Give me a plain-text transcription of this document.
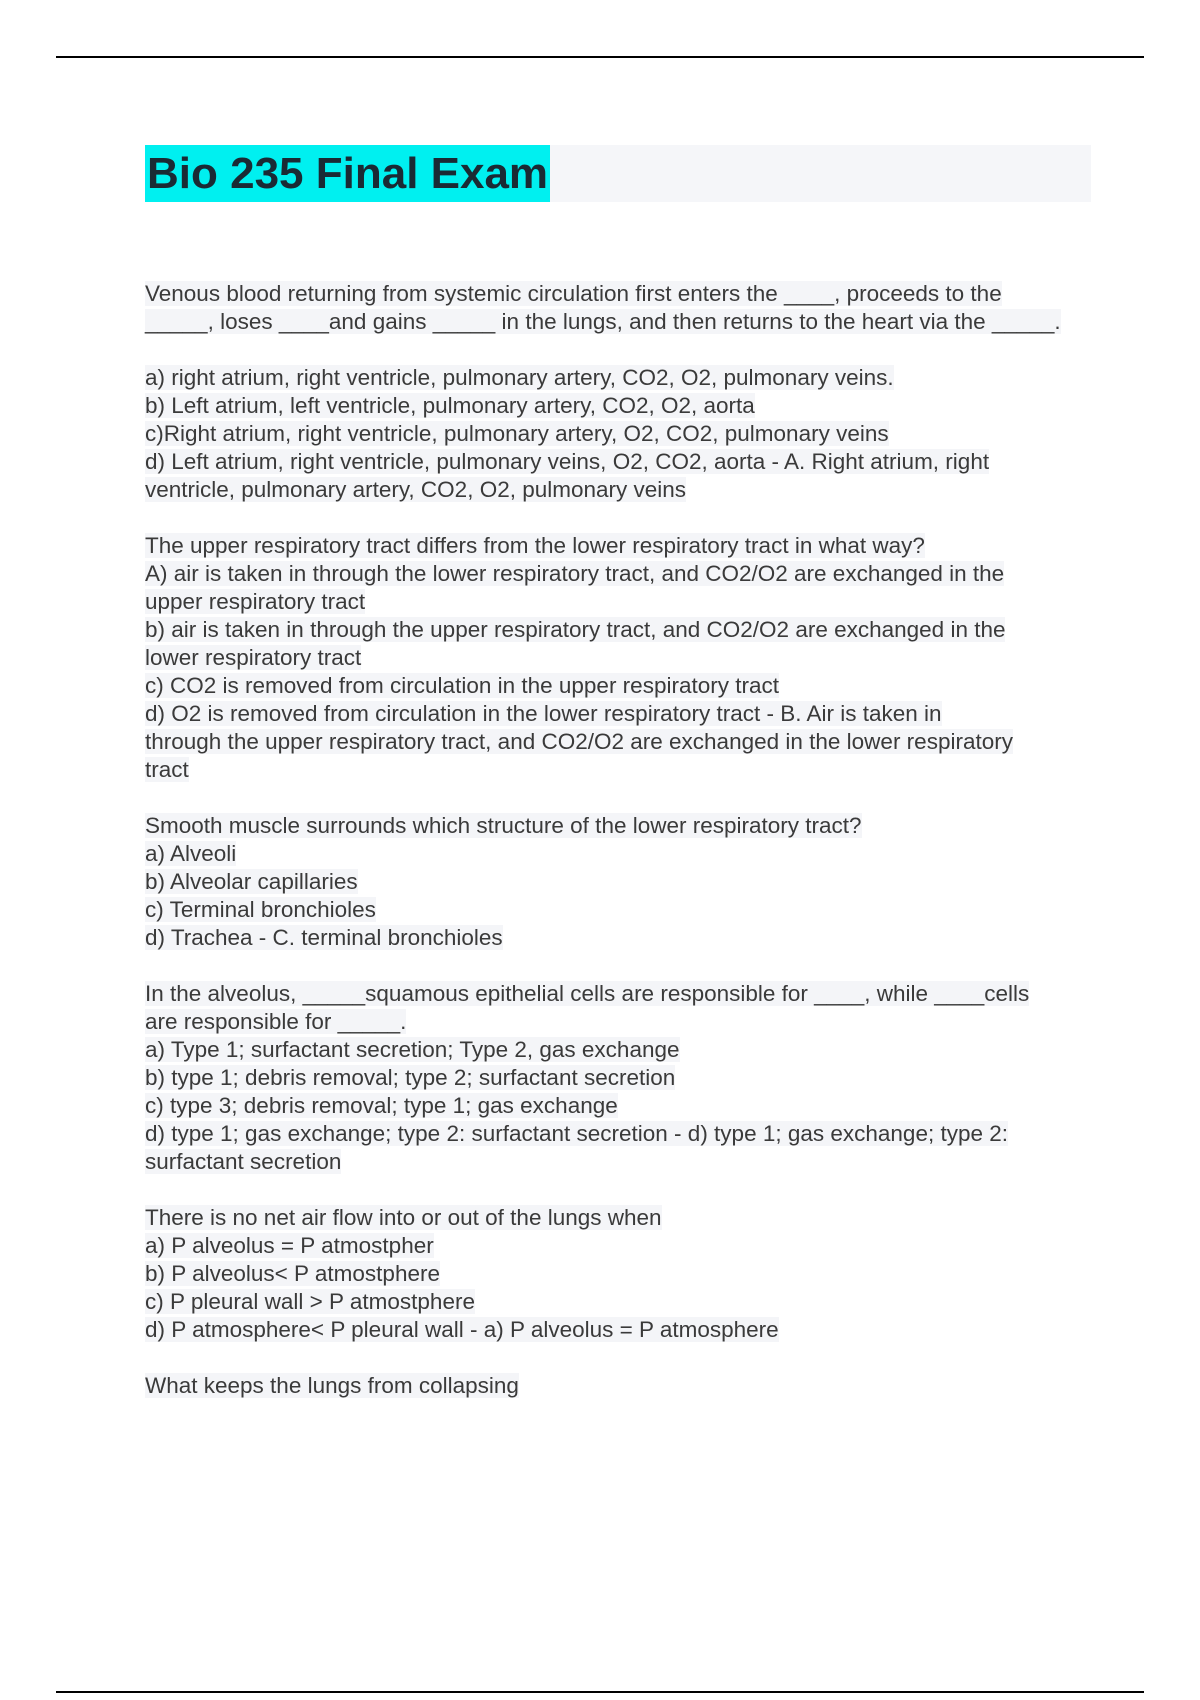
Bio 235 Final Exam
Venous blood returning from systemic circulation first enters the ____, proceeds to the
_____, loses ____and gains _____ in the lungs, and then returns to the heart via the _____.

a) right atrium, right ventricle, pulmonary artery, CO2, O2, pulmonary veins.
b) Left atrium, left ventricle, pulmonary artery, CO2, O2, aorta
c)Right atrium, right ventricle, pulmonary artery, O2, CO2, pulmonary veins
d) Left atrium, right ventricle, pulmonary veins, O2, CO2, aorta - A. Right atrium, right
ventricle, pulmonary artery, CO2, O2, pulmonary veins
The upper respiratory tract differs from the lower respiratory tract in what way?
A) air is taken in through the lower respiratory tract, and CO2/O2 are exchanged in the
upper respiratory tract
b) air is taken in through the upper respiratory tract, and CO2/O2 are exchanged in the
lower respiratory tract
c) CO2 is removed from circulation in the upper respiratory tract
d) O2 is removed from circulation in the lower respiratory tract - B. Air is taken in
through the upper respiratory tract, and CO2/O2 are exchanged in the lower respiratory
tract
Smooth muscle surrounds which structure of the lower respiratory tract?
a) Alveoli
b) Alveolar capillaries
c) Terminal bronchioles
d) Trachea - C. terminal bronchioles
In the alveolus, _____squamous epithelial cells are responsible for ____, while ____cells
are responsible for _____.
a) Type 1; surfactant secretion; Type 2, gas exchange
b) type 1; debris removal; type 2; surfactant secretion
c) type 3; debris removal; type 1; gas exchange
d) type 1; gas exchange; type 2: surfactant secretion - d) type 1; gas exchange; type 2:
surfactant secretion
There is no net air flow into or out of the lungs when
a) P alveolus = P atmostpher
b) P alveolus< P atmostphere
c) P pleural wall > P atmostphere
d) P atmosphere< P pleural wall - a) P alveolus = P atmosphere
What keeps the lungs from collapsing
